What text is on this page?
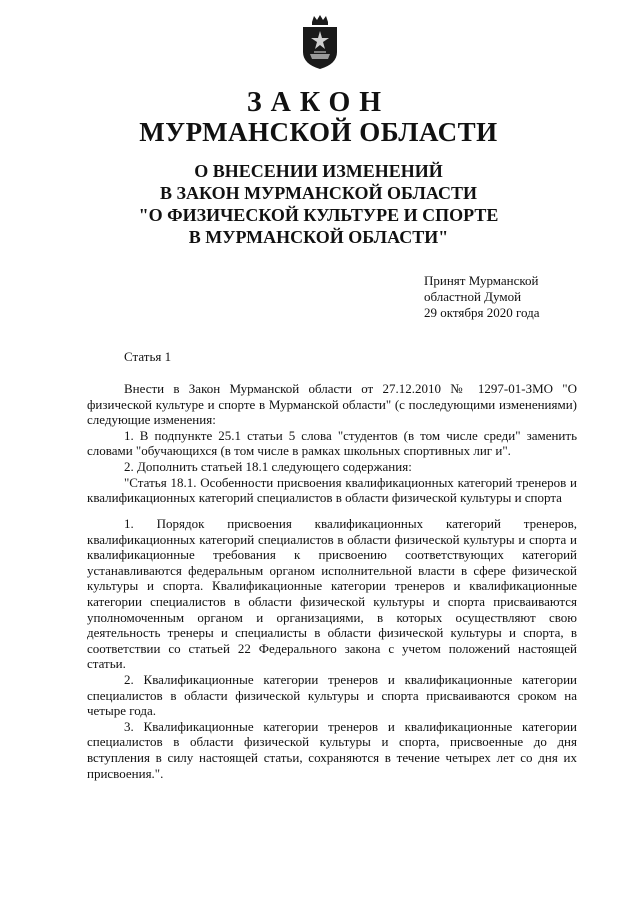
ЗАКОН
МУРМАНСКОЙ ОБЛАСТИ
О ВНЕСЕНИИ ИЗМЕНЕНИЙ
В ЗАКОН МУРМАНСКОЙ ОБЛАСТИ
"О ФИЗИЧЕСКОЙ КУЛЬТУРЕ И СПОРТЕ
В МУРМАНСКОЙ ОБЛАСТИ"
Принят Мурманской
областной Думой
29 октября 2020 года
Статья 1

Внести в Закон Мурманской области от 27.12.2010 № 1297-01-ЗМО "О физической культуре и спорте в Мурманской области" (с последующими изменениями) следующие изменения:

1. В подпункте 25.1 статьи 5 слова "студентов (в том числе среди" заменить словами "обучающихся (в том числе в рамках школьных спортивных лиг и".

2. Дополнить статьей 18.1 следующего содержания:

"Статья 18.1. Особенности присвоения квалификационных категорий тренеров и квалификационных категорий специалистов в области физической культуры и спорта

1. Порядок присвоения квалификационных категорий тренеров, квалификационных категорий специалистов в области физической культуры и спорта и квалификационные требования к присвоению соответствующих категорий устанавливаются федеральным органом исполнительной власти в сфере физической культуры и спорта. Квалификационные категории тренеров и квалификационные категории специалистов в области физической культуры и спорта присваиваются уполномоченным органом и организациями, в которых осуществляют свою деятельность тренеры и специалисты в области физической культуры и спорта, в соответствии со статьей 22 Федерального закона с учетом положений настоящей статьи.

2. Квалификационные категории тренеров и квалификационные категории специалистов в области физической культуры и спорта присваиваются сроком на четыре года.

3. Квалификационные категории тренеров и квалификационные категории специалистов в области физической культуры и спорта, присвоенные до дня вступления в силу настоящей статьи, сохраняются в течение четырех лет со дня их присвоения.".
